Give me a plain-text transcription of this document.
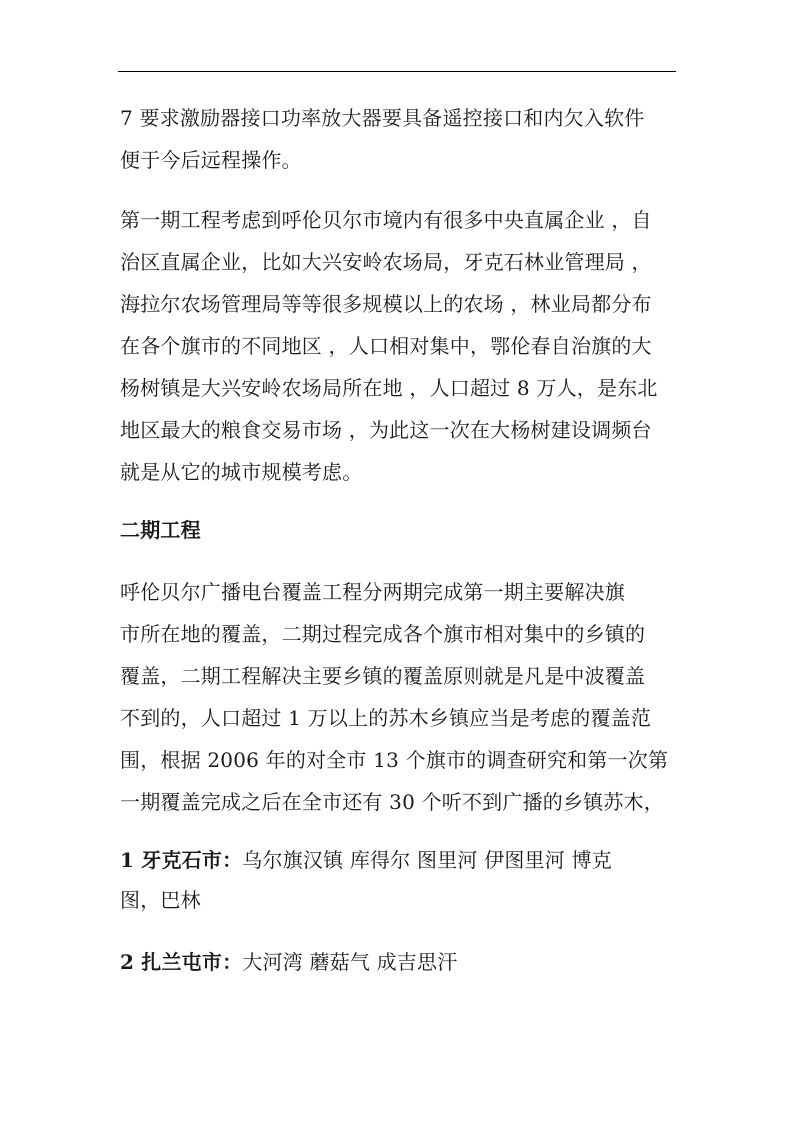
7 要求激励器接口功率放大器要具备遥控接口和内欠入软件
便于今后远程操作。
第一期工程考虑到呼伦贝尔市境内有很多中央直属企业 ，自
治区直属企业，比如大兴安岭农场局，牙克石林业管理局 ，
海拉尔农场管理局等等很多规模以上的农场 ，林业局都分布
在各个旗市的不同地区 ，人口相对集中，鄂伦春自治旗的大
杨树镇是大兴安岭农场局所在地 ，人口超过 8 万人，是东北
地区最大的粮食交易市场 ，为此这一次在大杨树建设调频台
就是从它的城市规模考虑。
二期工程
呼伦贝尔广播电台覆盖工程分两期完成第一期主要解决旗
市所在地的覆盖，二期过程完成各个旗市相对集中的乡镇的
覆盖，二期工程解决主要乡镇的覆盖原则就是凡是中波覆盖
不到的，人口超过 1 万以上的苏木乡镇应当是考虑的覆盖范
围，根据 2006 年的对全市 13 个旗市的调查研究和第一次第
一期覆盖完成之后在全市还有 30 个听不到广播的乡镇苏木，
1 牙克石市：乌尔旗汉镇 库得尔 图里河 伊图里河 博克
图，巴林
2 扎兰屯市：大河湾 蘑菇气 成吉思汗
